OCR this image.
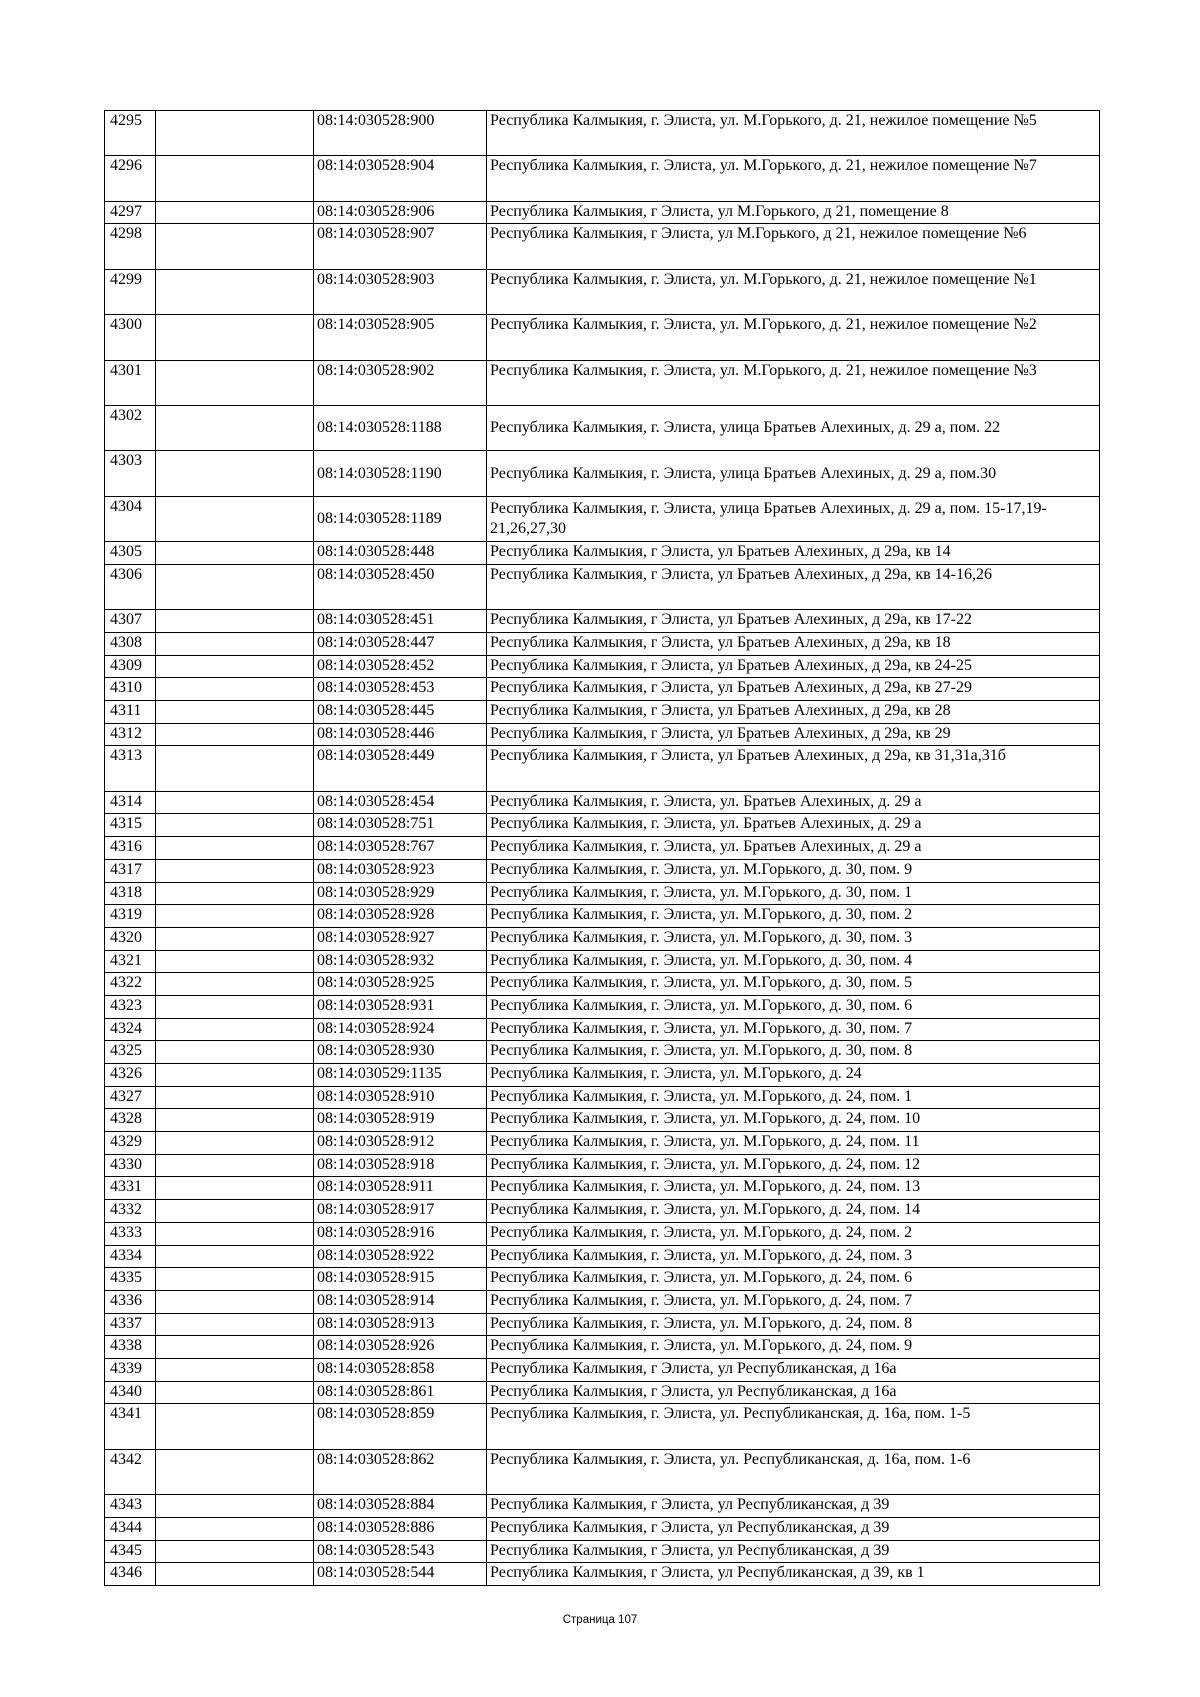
4295		08:14:030528:900	Республика Калмыкия, г. Элиста, ул. М.Горького, д. 21, нежилое помещение №5
4296		08:14:030528:904	Республика Калмыкия, г. Элиста, ул. М.Горького, д. 21, нежилое помещение №7
4297		08:14:030528:906	Республика Калмыкия, г Элиста, ул М.Горького, д 21, помещение 8
4298		08:14:030528:907	Республика Калмыкия, г Элиста, ул М.Горького, д 21, нежилое помещение №6
4299		08:14:030528:903	Республика Калмыкия, г. Элиста, ул. М.Горького, д. 21, нежилое помещение №1
4300		08:14:030528:905	Республика Калмыкия, г. Элиста, ул. М.Горького, д. 21, нежилое помещение №2
4301		08:14:030528:902	Республика Калмыкия, г. Элиста, ул. М.Горького, д. 21, нежилое помещение №3
4302		08:14:030528:1188	Республика Калмыкия, г. Элиста, улица Братьев Алехиных, д. 29 а, пом. 22
4303		08:14:030528:1190	Республика Калмыкия, г. Элиста, улица Братьев Алехиных, д. 29 а, пом.30
4304		08:14:030528:1189	Республика Калмыкия, г. Элиста, улица Братьев Алехиных, д. 29 а, пом. 15-17,19-21,26,27,30
4305		08:14:030528:448	Республика Калмыкия, г Элиста, ул Братьев Алехиных, д 29а, кв 14
4306		08:14:030528:450	Республика Калмыкия, г Элиста, ул Братьев Алехиных, д 29а, кв 14-16,26
4307		08:14:030528:451	Республика Калмыкия, г Элиста, ул Братьев Алехиных, д 29а, кв 17-22
4308		08:14:030528:447	Республика Калмыкия, г Элиста, ул Братьев Алехиных, д 29а, кв 18
4309		08:14:030528:452	Республика Калмыкия, г Элиста, ул Братьев Алехиных, д 29а, кв 24-25
4310		08:14:030528:453	Республика Калмыкия, г Элиста, ул Братьев Алехиных, д 29а, кв 27-29
4311		08:14:030528:445	Республика Калмыкия, г Элиста, ул Братьев Алехиных, д 29а, кв 28
4312		08:14:030528:446	Республика Калмыкия, г Элиста, ул Братьев Алехиных, д 29а, кв 29
4313		08:14:030528:449	Республика Калмыкия, г Элиста, ул Братьев Алехиных, д 29а, кв 31,31а,31б
4314		08:14:030528:454	Республика Калмыкия, г. Элиста, ул. Братьев Алехиных, д. 29 а
4315		08:14:030528:751	Республика Калмыкия, г. Элиста, ул. Братьев Алехиных, д. 29 а
4316		08:14:030528:767	Республика Калмыкия, г. Элиста, ул. Братьев Алехиных, д. 29 а
4317		08:14:030528:923	Республика Калмыкия, г. Элиста, ул. М.Горького, д. 30, пом. 9
4318		08:14:030528:929	Республика Калмыкия, г. Элиста, ул. М.Горького, д. 30, пом. 1
4319		08:14:030528:928	Республика Калмыкия, г. Элиста, ул. М.Горького, д. 30, пом. 2
4320		08:14:030528:927	Республика Калмыкия, г. Элиста, ул. М.Горького, д. 30, пом. 3
4321		08:14:030528:932	Республика Калмыкия, г. Элиста, ул. М.Горького, д. 30, пом. 4
4322		08:14:030528:925	Республика Калмыкия, г. Элиста, ул. М.Горького, д. 30, пом. 5
4323		08:14:030528:931	Республика Калмыкия, г. Элиста, ул. М.Горького, д. 30, пом. 6
4324		08:14:030528:924	Республика Калмыкия, г. Элиста, ул. М.Горького, д. 30, пом. 7
4325		08:14:030528:930	Республика Калмыкия, г. Элиста, ул. М.Горького, д. 30, пом. 8
4326		08:14:030529:1135	Республика Калмыкия, г. Элиста, ул. М.Горького, д. 24
4327		08:14:030528:910	Республика Калмыкия, г. Элиста, ул. М.Горького, д. 24, пом. 1
4328		08:14:030528:919	Республика Калмыкия, г. Элиста, ул. М.Горького, д. 24, пом. 10
4329		08:14:030528:912	Республика Калмыкия, г. Элиста, ул. М.Горького, д. 24, пом. 11
4330		08:14:030528:918	Республика Калмыкия, г. Элиста, ул. М.Горького, д. 24, пом. 12
4331		08:14:030528:911	Республика Калмыкия, г. Элиста, ул. М.Горького, д. 24, пом. 13
4332		08:14:030528:917	Республика Калмыкия, г. Элиста, ул. М.Горького, д. 24, пом. 14
4333		08:14:030528:916	Республика Калмыкия, г. Элиста, ул. М.Горького, д. 24, пом. 2
4334		08:14:030528:922	Республика Калмыкия, г. Элиста, ул. М.Горького, д. 24, пом. 3
4335		08:14:030528:915	Республика Калмыкия, г. Элиста, ул. М.Горького, д. 24, пом. 6
4336		08:14:030528:914	Республика Калмыкия, г. Элиста, ул. М.Горького, д. 24, пом. 7
4337		08:14:030528:913	Республика Калмыкия, г. Элиста, ул. М.Горького, д. 24, пом. 8
4338		08:14:030528:926	Республика Калмыкия, г. Элиста, ул. М.Горького, д. 24, пом. 9
4339		08:14:030528:858	Республика Калмыкия, г Элиста, ул Республиканская, д 16а
4340		08:14:030528:861	Республика Калмыкия, г Элиста, ул Республиканская, д 16а
4341		08:14:030528:859	Республика Калмыкия, г. Элиста, ул. Республиканская, д. 16а, пом. 1-5
4342		08:14:030528:862	Республика Калмыкия, г. Элиста, ул. Республиканская, д. 16а, пом. 1-6
4343		08:14:030528:884	Республика Калмыкия, г Элиста, ул Республиканская, д 39
4344		08:14:030528:886	Республика Калмыкия, г Элиста, ул Республиканская, д 39
4345		08:14:030528:543	Республика Калмыкия, г Элиста, ул Республиканская, д 39
4346		08:14:030528:544	Республика Калмыкия, г Элиста, ул Республиканская, д 39, кв 1
Страница 107
